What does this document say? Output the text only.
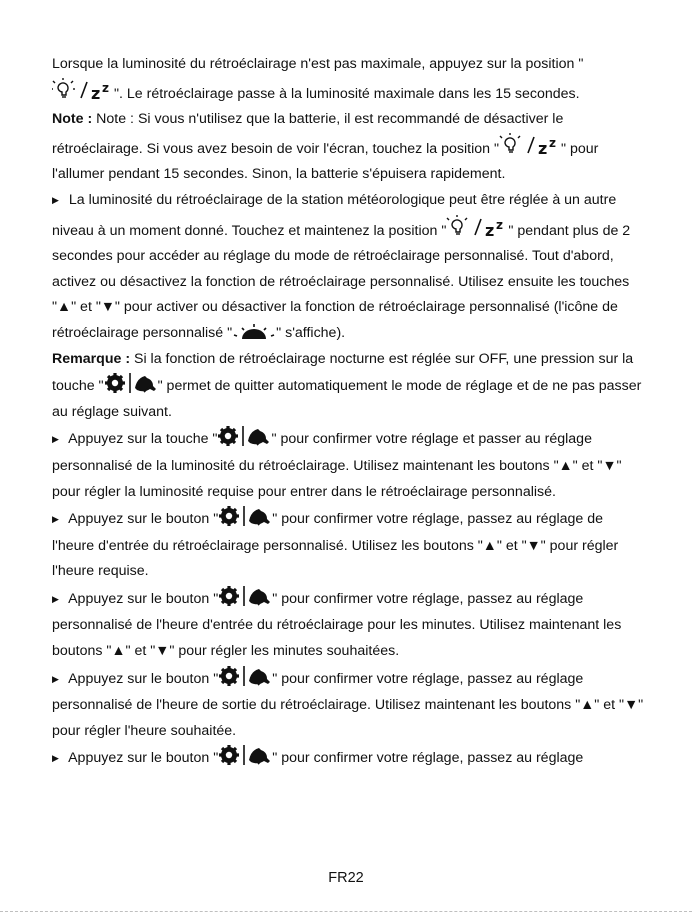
Lorsque la luminosité du rétroéclairage n'est pas maximale, appuyez sur la position "
z z ". Le rétroéclairage passe à la luminosité maximale dans les 15 secondes.

Note : Note : Si vous n'utilisez que la batterie, il est recommandé de désactiver le rétroéclairage. Si vous avez besoin de voir l'écran, touchez la position " z z " pour l'allumer pendant 15 secondes. Sinon, la batterie s'épuisera rapidement.

▶ La luminosité du rétroéclairage de la station météorologique peut être réglée à un autre niveau à un moment donné. Touchez et maintenez la position " z z " pendant plus de 2 secondes pour accéder au réglage du mode de rétroéclairage personnalisé. Tout d'abord, activez ou désactivez la fonction de rétroéclairage personnalisé. Utilisez ensuite les touches "▲" et "▼" pour activer ou désactiver la fonction de rétroéclairage personnalisé (l'icône de rétroéclairage personnalisé "	" s'affiche).

Remarque : Si la fonction de rétroéclairage nocturne est réglée sur OFF, une pression sur la touche "	" permet de quitter automatiquement le mode de réglage et de ne pas passer au réglage suivant.

▶ Appuyez sur la touche "	" pour confirmer votre réglage et passer au réglage personnalisé de la luminosité du rétroéclairage. Utilisez maintenant les boutons "▲" et "▼" pour régler la luminosité requise pour entrer dans le rétroéclairage personnalisé.

▶ Appuyez sur le bouton "	" pour confirmer votre réglage, passez au réglage de l'heure d'entrée du rétroéclairage personnalisé. Utilisez les boutons "▲" et "▼" pour régler l'heure requise.

▶ Appuyez sur le bouton "	" pour confirmer votre réglage, passez au réglage personnalisé de l'heure d'entrée du rétroéclairage pour les minutes. Utilisez maintenant les boutons "▲" et "▼" pour régler les minutes souhaitées.

▶ Appuyez sur le bouton "	" pour confirmer votre réglage, passez au réglage personnalisé de l'heure de sortie du rétroéclairage. Utilisez maintenant les boutons "▲" et "▼" pour régler l'heure souhaitée.

▶ Appuyez sur le bouton "	" pour confirmer votre réglage, passez au réglage

FR22
